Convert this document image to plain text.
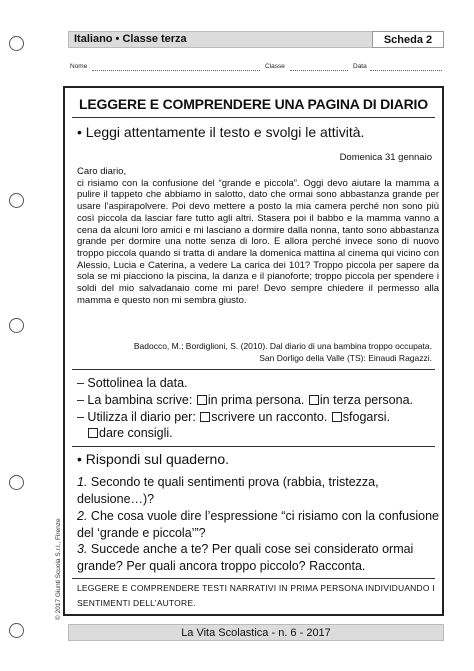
© 2017 Giunti Scuola S.r.l., Firenze
Italiano • Classe terza	Scheda 2
Nome	Classe	Data
LEGGERE E COMPRENDERE UNA PAGINA DI DIARIO
• Leggi attentamente il testo e svolgi le attività.
Domenica 31 gennaio

Caro diario,

ci risiamo con la confusione del “grande e piccola”. Oggi devo aiutare la mamma a pulire il tappeto che abbiamo in salotto, dato che ormai sono abbastanza grande per usare l’aspirapolvere. Poi devo mettere a posto la mia camera perché non sono più così piccola da lasciar fare tutto agli altri. Stasera poi il babbo e la mamma vanno a cena da alcuni loro amici e mi lasciano a dormire dalla nonna, tanto sono abbastanza grande per dormire una notte senza di loro. E allora perché invece sono di nuovo troppo piccola quando si tratta di andare la domenica mattina al cinema qui vicino con Alessio, Lucia e Caterina, a vedere La carica dei 101? Troppo piccola per sapere da sola se mi piacciono la piscina, la danza e il pianoforte; troppo piccola per spendere i soldi del mio salvadanaio come mi pare! Devo sempre chiedere il permesso alla mamma e questo non mi sembra giusto.

Badocco, M.; Bordiglioni, S. (2010). Dal diario di una bambina troppo occupata.
San Dorligo della Valle (TS): Einaudi Ragazzi.
– Sottolinea la data.
– La bambina scrive: in prima persona. in terza persona.
– Utilizza il diario per: scrivere un racconto. sfogarsi.
dare consigli.
• Rispondi sul quaderno.
1. Secondo te quali sentimenti prova (rabbia, tristezza, delusione…)?
2. Che cosa vuole dire l’espressione “ci risiamo con la confusione del ‘grande e piccola’”?
3. Succede anche a te? Per quali cose sei considerato ormai grande? Per quali ancora troppo piccolo? Racconta.
LEGGERE E COMPRENDERE TESTI NARRATIVI IN PRIMA PERSONA INDIVIDUANDO I SENTIMENTI DELL’AUTORE.
La Vita Scolastica - n. 6 - 2017
